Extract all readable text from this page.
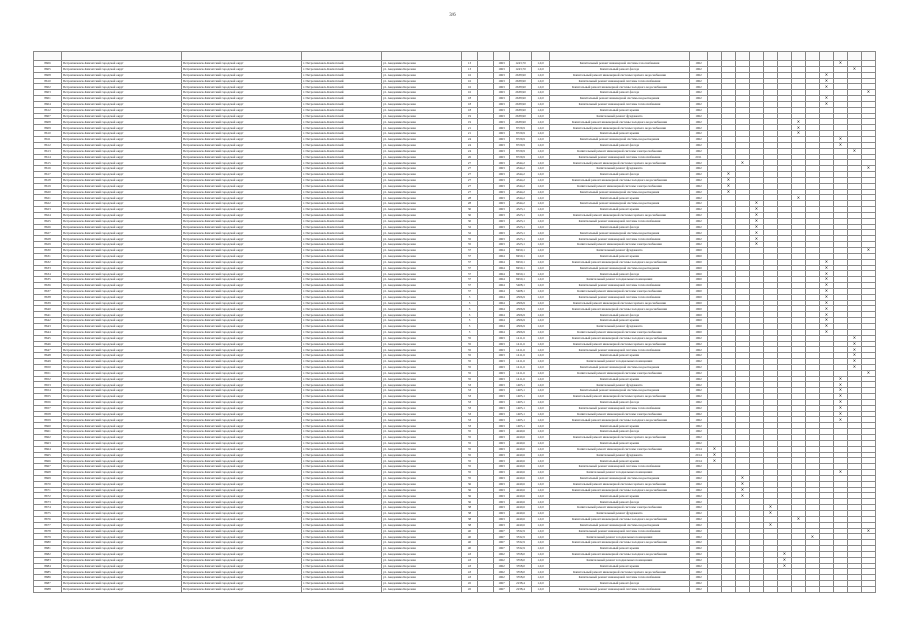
3/6

8606	Петропавловск-Камчатский городской округ	Петропавловск-Камчатский городской округ	г. Петропавловск-Камчатский	ул. Академика Королева	13		1963	1243,70	1,0,0	Капитальный ремонт инженерной системы газоснабжения	1962										✕		
8605	Петропавловск-Камчатский городской округ	Петропавловск-Камчатский городской округ	г. Петропавловск-Камчатский	ул. Академика Королева	13		1963	1243,70	1,0,0	Капитальный ремонт фасада	1962											✕	
8608	Петропавловск-Камчатский городской округ	Петропавловск-Камчатский городской округ	г. Петропавловск-Камчатский	ул. Академика Королева	16		1963	2638,90	1,0,0	Капитальный ремонт инженерной системы горячего водоснабжения	1962									✕			
8610	Петропавловск-Камчатский городской округ	Петропавловск-Камчатский городской округ	г. Петропавловск-Камчатский	ул. Академика Королева	16		1963	2638,90	1,0,0	Капитальный ремонт инженерной системы теплоснабжения	1962									✕			
8602	Петропавловск-Камчатский городской округ	Петропавловск-Камчатский городской округ	г. Петропавловск-Камчатский	ул. Академика Королева	16		1963	2638,90	1,0,0	Капитальный ремонт инженерной системы холодного водоснабжения	1962									✕			
8603	Петропавловск-Камчатский городской округ	Петропавловск-Камчатский городской округ	г. Петропавловск-Камчатский	ул. Академика Королева	16		1963	2638,90	1,0,0	Капитальный ремонт фасада	1962												✕
8601	Петропавловск-Камчатский городской округ	Петропавловск-Камчатский городской округ	г. Петропавловск-Камчатский	ул. Академика Королева	18		1963	2638,90	1,0,0	Капитальный ремонт инженерной системы водоотведения	1962									✕			
8604	Петропавловск-Камчатский городской округ	Петропавловск-Камчатский городской округ	г. Петропавловск-Камчатский	ул. Академика Королева	18		1963	2638,90	1,0,0	Капитальный ремонт инженерной системы теплоснабжения	1962									✕			
8612	Петропавловск-Камчатский городской округ	Петропавловск-Камчатский городской округ	г. Петропавловск-Камчатский	ул. Академика Королева	18		1963	2638,90	1,0,0	Капитальный ремонт крыши	1962												
8607	Петропавловск-Камчатский городской округ	Петропавловск-Камчатский городской округ	г. Петропавловск-Камчатский	ул. Академика Королева	19		1963	2638,90	1,0,0	Капитальный ремонт фундамента	1962												
8608	Петропавловск-Камчатский городской округ	Петропавловск-Камчатский городской округ	г. Петропавловск-Камчатский	ул. Академика Королева	19		1963	2638,90	1,0,0	Капитальный ремонт инженерной системы холодного водоснабжения	1962							✕					
8609	Петропавловск-Камчатский городской округ	Петропавловск-Камчатский городской округ	г. Петропавловск-Камчатский	ул. Академика Королева	21		1963	8729,9	1,0,0	Капитальный ремонт инженерной системы горячего водоснабжения	1962							✕					
8610	Петропавловск-Камчатский городской округ	Петропавловск-Камчатский городской округ	г. Петропавловск-Камчатский	ул. Академика Королева	21		1963	8729,9	1,0,0	Капитальный ремонт крыши	1962							✕					
8611	Петропавловск-Камчатский городской округ	Петропавловск-Камчатский городской округ	г. Петропавловск-Камчатский	ул. Академика Королева	24		1963	8729,9	1,0,0	Капитальный ремонт инженерной системы водоотведения	1962										✕		
8612	Петропавловск-Камчатский городской округ	Петропавловск-Камчатский городской округ	г. Петропавловск-Камчатский	ул. Академика Королева	24		1963	8729,9	1,0,0	Капитальный ремонт фасада	1962										✕		
8613	Петропавловск-Камчатский городской округ	Петропавловск-Камчатский городской округ	г. Петропавловск-Камчатский	ул. Академика Королева	24		1963	8729,9	1,0,0	Капитальный ремонт инженерной системы электроснабжения	1962											✕	
8614	Петропавловск-Камчатский городской округ	Петропавловск-Камчатский городской округ	г. Петропавловск-Камчатский	ул. Академика Королева	26		1963	8729,9	1,0,0	Капитальный ремонт инженерной системы теплоснабжения	2011												
8615	Петропавловск-Камчатский городской округ	Петропавловск-Камчатский городской округ	г. Петропавловск-Камчатский	ул. Академика Королева	27		1963	4344,2	1,0,0	Капитальный ремонт инженерной системы горячего водоснабжения	1962			✕									
8616	Петропавловск-Камчатский городской округ	Петропавловск-Камчатский городской округ	г. Петропавловск-Камчатский	ул. Академика Королева	27		1963	4344,2	1,0,0	Капитальный ремонт фундамента	1962												✕
8617	Петропавловск-Камчатский городской округ	Петропавловск-Камчатский городской округ	г. Петропавловск-Камчатский	ул. Академика Королева	27		1963	4344,2	1,0,0	Капитальный ремонт фасада	1962		✕										
8618	Петропавловск-Камчатский городской округ	Петропавловск-Камчатский городской округ	г. Петропавловск-Камчатский	ул. Академика Королева	27		1963	4344,2	1,0,0	Капитальный ремонт инженерной системы холодного водоснабжения	1962		✕										
8619	Петропавловск-Камчатский городской округ	Петропавловск-Камчатский городской округ	г. Петропавловск-Камчатский	ул. Академика Королева	27		1963	4344,2	1,0,0	Капитальный ремонт инженерной системы электроснабжения	1962		✕										
8620	Петропавловск-Камчатский городской округ	Петропавловск-Камчатский городской округ	г. Петропавловск-Камчатский	ул. Академика Королева	27		1963	4344,2	1,0,0	Капитальный ремонт инженерной системы водоотведения	1962		✕										
8621	Петропавловск-Камчатский городской округ	Петропавловск-Камчатский городской округ	г. Петропавловск-Камчатский	ул. Академика Королева	28		1963	4344,2	1,0,0	Капитальный ремонт крыши	1962							✕					
8622	Петропавловск-Камчатский городской округ	Петропавловск-Камчатский городской округ	г. Петропавловск-Камчатский	ул. Академика Королева	28		1963	4344,2	1,0,0	Капитальный ремонт инженерной системы водоотведения	1962				✕								
8623	Петропавловск-Камчатский городской округ	Петропавловск-Камчатский городской округ	г. Петропавловск-Камчатский	ул. Академика Королева	30		1963	4323,1	1,0,0	Капитальный ремонт крыши	1962				✕								
8624	Петропавловск-Камчатский городской округ	Петропавловск-Камчатский городской округ	г. Петропавловск-Камчатский	ул. Академика Королева	30		1963	4323,1	1,0,0	Капитальный ремонт инженерной системы горячего водоснабжения	1962				✕								
8625	Петропавловск-Камчатский городской округ	Петропавловск-Камчатский городской округ	г. Петропавловск-Камчатский	ул. Академика Королева	30		1963	4323,1	1,0,0	Капитальный ремонт инженерной системы теплоснабжения	1962				✕								
8626	Петропавловск-Камчатский городской округ	Петропавловск-Камчатский городской округ	г. Петропавловск-Камчатский	ул. Академика Королева	32		1963	4323,1	1,0,0	Капитальный ремонт фасада	1962				✕								
8627	Петропавловск-Камчатский городской округ	Петропавловск-Камчатский городской округ	г. Петропавловск-Камчатский	ул. Академика Королева	32		1963	4323,1	1,0,0	Капитальный ремонт инженерной системы водоотведения	1962				✕								
8628	Петропавловск-Камчатский городской округ	Петропавловск-Камчатский городской округ	г. Петропавловск-Камчатский	ул. Академика Королева	35		1963	4323,1	1,0,0	Капитальный ремонт инженерной системы теплоснабжения	1962				✕								
8629	Петропавловск-Камчатский городской округ	Петропавловск-Камчатский городской округ	г. Петропавловск-Камчатский	ул. Академика Королева	35		1963	4323,1	1,0,0	Капитальный ремонт инженерной системы электроснабжения	1962				✕								
8630	Петропавловск-Камчатский городской округ	Петропавловск-Камчатский городской округ	г. Петропавловск-Камчатский	ул. Академика Королева	37		1964	8450,1	1,0,0	Капитальный ремонт фундамента	1960												✕
8631	Петропавловск-Камчатский городской округ	Петропавловск-Камчатский городской округ	г. Петропавловск-Камчатский	ул. Академика Королева	37		1964	8450,1	1,0,0	Капитальный ремонт крыши	1960												
8632	Петропавловск-Камчатский городской округ	Петропавловск-Камчатский городской округ	г. Петропавловск-Камчатский	ул. Академика Королева	37		1964	8450,1	1,0,0	Капитальный ремонт инженерной системы холодного водоснабжения	1960									✕			
8633	Петропавловск-Камчатский городской округ	Петропавловск-Камчатский городской округ	г. Петропавловск-Камчатский	ул. Академика Королева	37		1964	8450,1	1,0,0	Капитальный ремонт инженерной системы водоотведения	1960									✕			
8634	Петропавловск-Камчатский городской округ	Петропавловск-Камчатский городской округ	г. Петропавловск-Камчатский	ул. Академика Королева	37		1964	8450,1	1,0,0	Капитальный ремонт фасада	1960									✕			
8635	Петропавловск-Камчатский городской округ	Петропавловск-Камчатский городской округ	г. Петропавловск-Камчатский	ул. Академика Королева	37		1964	8450,1	1,0,0	Капитальный ремонт в подвальных помещениях	1960									✕			
8636	Петропавловск-Камчатский городской округ	Петропавловск-Камчатский городской округ	г. Петропавловск-Камчатский	ул. Академика Королева	37		1964	5408,1	1,0,0	Капитальный ремонт инженерной системы теплоснабжения	1960									✕			
8637	Петропавловск-Камчатский городской округ	Петропавловск-Камчатский городской округ	г. Петропавловск-Камчатский	ул. Академика Королева	37		1964	5408,1	1,0,0	Капитальный ремонт инженерной системы электроснабжения	1960									✕			
8638	Петропавловск-Камчатский городской округ	Петропавловск-Камчатский городской округ	г. Петропавловск-Камчатский	ул. Академика Королева	3		1964	4506,9	1,0,0	Капитальный ремонт инженерной системы теплоснабжения	1960									✕			
8639	Петропавловск-Камчатский городской округ	Петропавловск-Камчатский городской округ	г. Петропавловск-Камчатский	ул. Академика Королева	3		1964	4506,9	1,0,0	Капитальный ремонт инженерной системы горячего водоснабжения	1960									✕			
8640	Петропавловск-Камчатский городской округ	Петропавловск-Камчатский городской округ	г. Петропавловск-Камчатский	ул. Академика Королева	3		1964	4506,9	1,0,0	Капитальный ремонт инженерной системы холодного водоснабжения	1960									✕			
8641	Петропавловск-Камчатский городской округ	Петропавловск-Камчатский городской округ	г. Петропавловск-Камчатский	ул. Академика Королева	3		1964	4506,9	1,0,0	Капитальный ремонт фасада	1960									✕			
8642	Петропавловск-Камчатский городской округ	Петропавловск-Камчатский городской округ	г. Петропавловск-Камчатский	ул. Академика Королева	3		1964	4506,9	1,0,0	Капитальный ремонт крыши	1960									✕			
8643	Петропавловск-Камчатский городской округ	Петропавловск-Камчатский городской округ	г. Петропавловск-Камчатский	ул. Академика Королева	3		1964	4506,9	1,0,0	Капитальный ремонт фундамента	1960									✕			
8644	Петропавловск-Камчатский городской округ	Петропавловск-Камчатский городской округ	г. Петропавловск-Камчатский	ул. Академика Королева	3		1964	4506,9	1,0,0	Капитальный ремонт инженерной системы электроснабжения	1960									✕			
8645	Петропавловск-Камчатский городской округ	Петропавловск-Камчатский городской округ	г. Петропавловск-Камчатский	ул. Академика Королева	35		1963	1411,6	1,0,0	Капитальный ремонт инженерной системы холодного водоснабжения	1962											✕	
8646	Петропавловск-Камчатский городской округ	Петропавловск-Камчатский городской округ	г. Петропавловск-Камчатский	ул. Академика Королева	35		1963	1411,6	1,0,0	Капитальный ремонт инженерной системы горячего водоснабжения	1962											✕	
8647	Петропавловск-Камчатский городской округ	Петропавловск-Камчатский городской округ	г. Петропавловск-Камчатский	ул. Академика Королева	35		1963	1411,6	1,0,0	Капитальный ремонт инженерной системы теплоснабжения	1962											✕	
8648	Петропавловск-Камчатский городской округ	Петропавловск-Камчатский городской округ	г. Петропавловск-Камчатский	ул. Академика Королева	35		1963	1411,6	1,0,0	Капитальный ремонт крыши	1962											✕	
8649	Петропавловск-Камчатский городской округ	Петропавловск-Камчатский городской округ	г. Петропавловск-Камчатский	ул. Академика Королева	35		1963	1411,6	1,0,0	Капитальный ремонт в подвальных помещениях	1962											✕	
8650	Петропавловск-Камчатский городской округ	Петропавловск-Камчатский городской округ	г. Петропавловск-Камчатский	ул. Академика Королева	35		1963	1411,6	1,0,0	Капитальный ремонт инженерной системы водоотведения	1962											✕	
8651	Петропавловск-Камчатский городской округ	Петропавловск-Камчатский городской округ	г. Петропавловск-Камчатский	ул. Академика Королева	35		1963	1411,6	1,0,0	Капитальный ремонт инженерной системы электроснабжения	1962												✕
8652	Петропавловск-Камчатский городской округ	Петропавловск-Камчатский городской округ	г. Петропавловск-Камчатский	ул. Академика Королева	35		1963	1411,6	1,0,0	Капитальный ремонт крыши	1962										✕		
8653	Петропавловск-Камчатский городской округ	Петропавловск-Камчатский городской округ	г. Петропавловск-Камчатский	ул. Академика Королева	33		1963	1405,1	1,0,0	Капитальный ремонт фундамента	1962										✕		
8654	Петропавловск-Камчатский городской округ	Петропавловск-Камчатский городской округ	г. Петропавловск-Камчатский	ул. Академика Королева	33		1963	1405,1	1,0,0	Капитальный ремонт инженерной системы водоотведения	1962										✕		
8655	Петропавловск-Камчатский городской округ	Петропавловск-Камчатский городской округ	г. Петропавловск-Камчатский	ул. Академика Королева	33		1963	1405,1	1,0,0	Капитальный ремонт инженерной системы горячего водоснабжения	1962										✕		
8656	Петропавловск-Камчатский городской округ	Петропавловск-Камчатский городской округ	г. Петропавловск-Камчатский	ул. Академика Королева	33		1963	1405,1	1,0,0	Капитальный ремонт фасада	1962										✕		
8657	Петропавловск-Камчатский городской округ	Петропавловск-Камчатский городской округ	г. Петропавловск-Камчатский	ул. Академика Королева	33		1963	1405,1	1,0,0	Капитальный ремонт инженерной системы теплоснабжения	1962										✕		
8658	Петропавловск-Камчатский городской округ	Петропавловск-Камчатский городской округ	г. Петропавловск-Камчатский	ул. Академика Королева	33		1963	1405,1	1,0,0	Капитальный ремонт инженерной системы электроснабжения	1962										✕		
8659	Петропавловск-Камчатский городской округ	Петропавловск-Камчатский городской округ	г. Петропавловск-Камчатский	ул. Академика Королева	33		1963	1405,1	1,0,0	Капитальный ремонт инженерной системы холодного водоснабжения	1962										✕		
8660	Петропавловск-Камчатский городской округ	Петропавловск-Камчатский городской округ	г. Петропавловск-Камчатский	ул. Академика Королева	33		1963	1405,1	1,0,0	Капитальный ремонт крыши	1962												
8661	Петропавловск-Камчатский городской округ	Петропавловск-Камчатский городской округ	г. Петропавловск-Камчатский	ул. Академика Королева	35		1963	4240,6	1,0,0	Капитальный ремонт фасада	1962												
8662	Петропавловск-Камчатский городской округ	Петропавловск-Камчатский городской округ	г. Петропавловск-Камчатский	ул. Академика Королева	35		1963	4240,6	1,0,0	Капитальный ремонт инженерной системы горячего водоснабжения	1962												
8663	Петропавловск-Камчатский городской округ	Петропавловск-Камчатский городской округ	г. Петропавловск-Камчатский	ул. Академика Королева	35		1963	4240,6	1,0,0	Капитальный ремонт крыши	1962												
8664	Петропавловск-Камчатский городской округ	Петропавловск-Камчатский городской округ	г. Петропавловск-Камчатский	ул. Академика Королева	35		1963	4240,6	1,0,0	Капитальный ремонт инженерной системы электроснабжения	2014	✕											
8665	Петропавловск-Камчатский городской округ	Петропавловск-Камчатский городской округ	г. Петропавловск-Камчатский	ул. Академика Королева	35		1963	4240,6	1,0,0	Капитальный ремонт фундамента	2014	✕											
8666	Петропавловск-Камчатский городской округ	Петропавловск-Камчатский городской округ	г. Петропавловск-Камчатский	ул. Академика Королева	35		1963	4240,6	1,0,0	Капитальный ремонт крыши	2014	✕											
8667	Петропавловск-Камчатский городской округ	Петропавловск-Камчатский городской округ	г. Петропавловск-Камчатский	ул. Академика Королева	35		1963	4240,6	1,0,0	Капитальный ремонт инженерной системы теплоснабжения	1962												
8668	Петропавловск-Камчатский городской округ	Петропавловск-Камчатский городской округ	г. Петропавловск-Камчатский	ул. Академика Королева	35		1963	4240,6	1,0,0	Капитальный ремонт в подвальных помещениях	1962										✕		
8669	Петропавловск-Камчатский городской округ	Петропавловск-Камчатский городской округ	г. Петропавловск-Камчатский	ул. Академика Королева	35		1963	4240,6	1,0,0	Капитальный ремонт инженерной системы водоотведения	1962			✕									
8670	Петропавловск-Камчатский городской округ	Петропавловск-Камчатский городской округ	г. Петропавловск-Камчатский	ул. Академика Королева	36		1963	4240,6	1,0,0	Капитальный ремонт инженерной системы горячего водоснабжения	1962			✕									
8671	Петропавловск-Камчатский городской округ	Петропавловск-Камчатский городской округ	г. Петропавловск-Камчатский	ул. Академика Королева	36		1963	4240,6	1,0,0	Капитальный ремонт инженерной системы холодного водоснабжения	1962			✕									
8672	Петропавловск-Камчатский городской округ	Петропавловск-Камчатский городской округ	г. Петропавловск-Камчатский	ул. Академика Королева	36		1963	4240,6	1,0,0	Капитальный ремонт крыши	1962			✕									
8673	Петропавловск-Камчатский городской округ	Петропавловск-Камчатский городской округ	г. Петропавловск-Камчатский	ул. Академика Королева	36		1963	4240,6	1,0,0	Капитальный ремонт фасада	1962												
8674	Петропавловск-Камчатский городской округ	Петропавловск-Камчатский городской округ	г. Петропавловск-Камчатский	ул. Академика Королева	38		1963	4240,6	1,0,0	Капитальный ремонт инженерной системы электроснабжения	1962					✕							
8675	Петропавловск-Камчатский городской округ	Петропавловск-Камчатский городской округ	г. Петропавловск-Камчатский	ул. Академика Королева	38		1963	4240,6	1,0,0	Капитальный ремонт фундамента	1962					✕							
8676	Петропавловск-Камчатский городской округ	Петропавловск-Камчатский городской округ	г. Петропавловск-Камчатский	ул. Академика Королева	38		1963	4240,6	1,0,0	Капитальный ремонт инженерной системы холодного водоснабжения	1962							✕					
8677	Петропавловск-Камчатский городской округ	Петропавловск-Камчатский городской округ	г. Петропавловск-Камчатский	ул. Академика Королева	38		1963	4240,6	1,0,0	Капитальный ремонт инженерной системы водоотведения	1962					✕							
8678	Петропавловск-Камчатский городской округ	Петропавловск-Камчатский городской округ	г. Петропавловск-Камчатский	ул. Академика Королева	40		1967	3532,9	1,0,0	Капитальный ремонт инженерной системы теплоснабжения	1962												✕
8679	Петропавловск-Камчатский городской округ	Петропавловск-Камчатский городской округ	г. Петропавловск-Камчатский	ул. Академика Королева	40		1967	3532,9	1,0,0	Капитальный ремонт в подвальных помещениях	1962								✕				
8680	Петропавловск-Камчатский городской округ	Петропавловск-Камчатский городской округ	г. Петропавловск-Камчатский	ул. Академика Королева	40		1967	3532,9	1,0,0	Капитальный ремонт инженерной системы холодного водоснабжения	1962												
8681	Петропавловск-Камчатский городской округ	Петропавловск-Камчатский городской округ	г. Петропавловск-Камчатский	ул. Академика Королева	40		1967	3532,9	1,0,0	Капитальный ремонт крыши	1962												
8682	Петропавловск-Камчатский городской округ	Петропавловск-Камчатский городской округ	г. Петропавловск-Камчатский	ул. Академика Королева	43		1962	3558,0	1,0,0	Капитальный ремонт инженерной системы холодного водоснабжения	1962						✕						
8683	Петропавловск-Камчатский городской округ	Петропавловск-Камчатский городской округ	г. Петропавловск-Камчатский	ул. Академика Королева	43		1962	3558,0	1,0,0	Капитальный ремонт в подвальных помещениях	1962						✕						
8684	Петропавловск-Камчатский городской округ	Петропавловск-Камчатский городской округ	г. Петропавловск-Камчатский	ул. Академика Королева	43		1962	3558,0	1,0,0	Капитальный ремонт крыши	1962						✕						
8685	Петропавловск-Камчатский городской округ	Петропавловск-Камчатский городской округ	г. Петропавловск-Камчатский	ул. Академика Королева	43		1962	3558,0	1,0,0	Капитальный ремонт инженерной системы горячего водоснабжения	1962												
8686	Петропавловск-Камчатский городской округ	Петропавловск-Камчатский городской округ	г. Петропавловск-Камчатский	ул. Академика Королева	43		1962	3558,0	1,0,0	Капитальный ремонт инженерной системы теплоснабжения	1962												
8687	Петропавловск-Камчатский городской округ	Петропавловск-Камчатский городской округ	г. Петропавловск-Камчатский	ул. Академика Королева	45		1967	2238,4	1,0,0	Капитальный ремонт фасада	1962												
8688	Петропавловск-Камчатский городской округ	Петропавловск-Камчатский городской округ	г. Петропавловск-Камчатский	ул. Академика Королева	45		1967	2238,4	1,0,0	Капитальный ремонт инженерной системы теплоснабжения	1962												
